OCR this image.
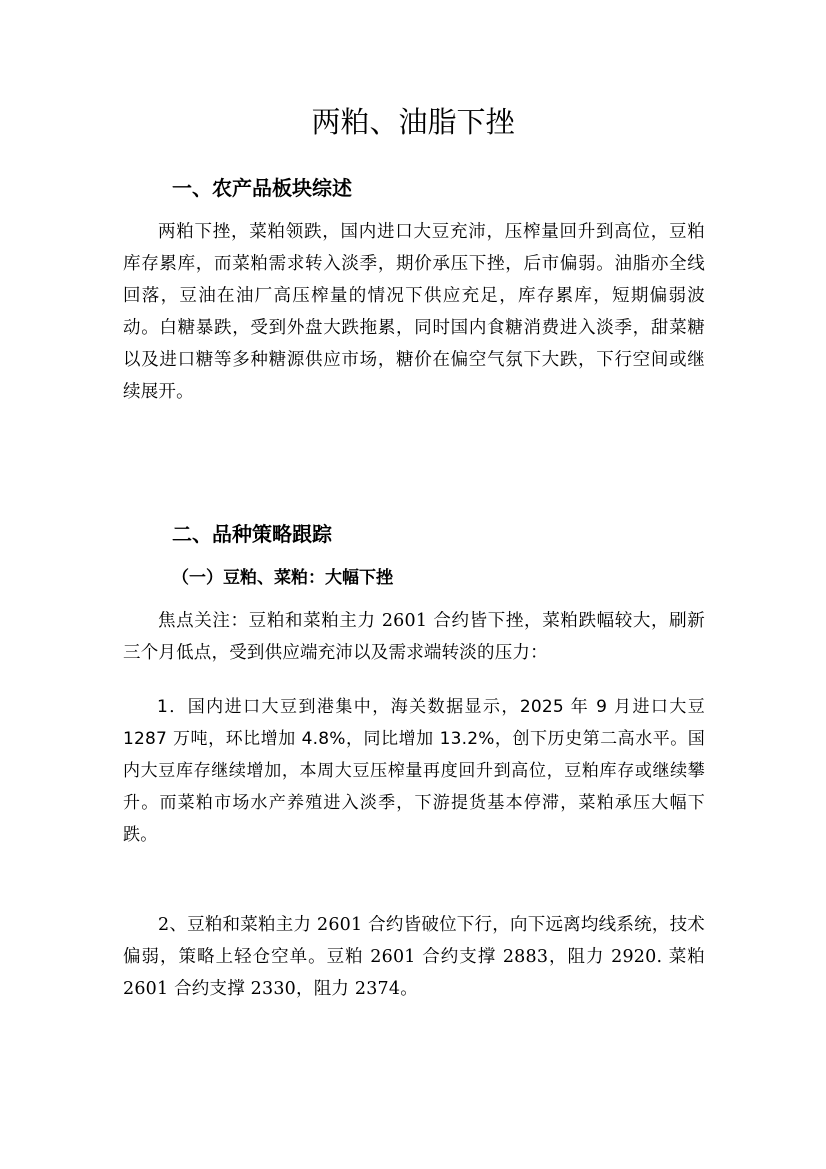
两粕、油脂下挫
一、农产品板块综述

两粕下挫，菜粕领跌，国内进口大豆充沛，压榨量回升到高位，豆粕库存累库，而菜粕需求转入淡季，期价承压下挫，后市偏弱。油脂亦全线回落，豆油在油厂高压榨量的情况下供应充足，库存累库，短期偏弱波动。白糖暴跌，受到外盘大跌拖累，同时国内食糖消费进入淡季，甜菜糖以及进口糖等多种糖源供应市场，糖价在偏空气氛下大跌，下行空间或继续展开。

二、品种策略跟踪
（一）豆粕、菜粕：大幅下挫

焦点关注：豆粕和菜粕主力 2601 合约皆下挫，菜粕跌幅较大，刷新三个月低点，受到供应端充沛以及需求端转淡的压力：

1．国内进口大豆到港集中，海关数据显示，2025 年 9 月进口大豆 1287 万吨，环比增加 4.8%，同比增加 13.2%，创下历史第二高水平。国内大豆库存继续增加，本周大豆压榨量再度回升到高位，豆粕库存或继续攀升。而菜粕市场水产养殖进入淡季，下游提货基本停滞，菜粕承压大幅下跌。

2、豆粕和菜粕主力 2601 合约皆破位下行，向下远离均线系统，技术偏弱，策略上轻仓空单。豆粕 2601 合约支撑 2883，阻力 2920. 菜粕 2601 合约支撑 2330，阻力 2374。
